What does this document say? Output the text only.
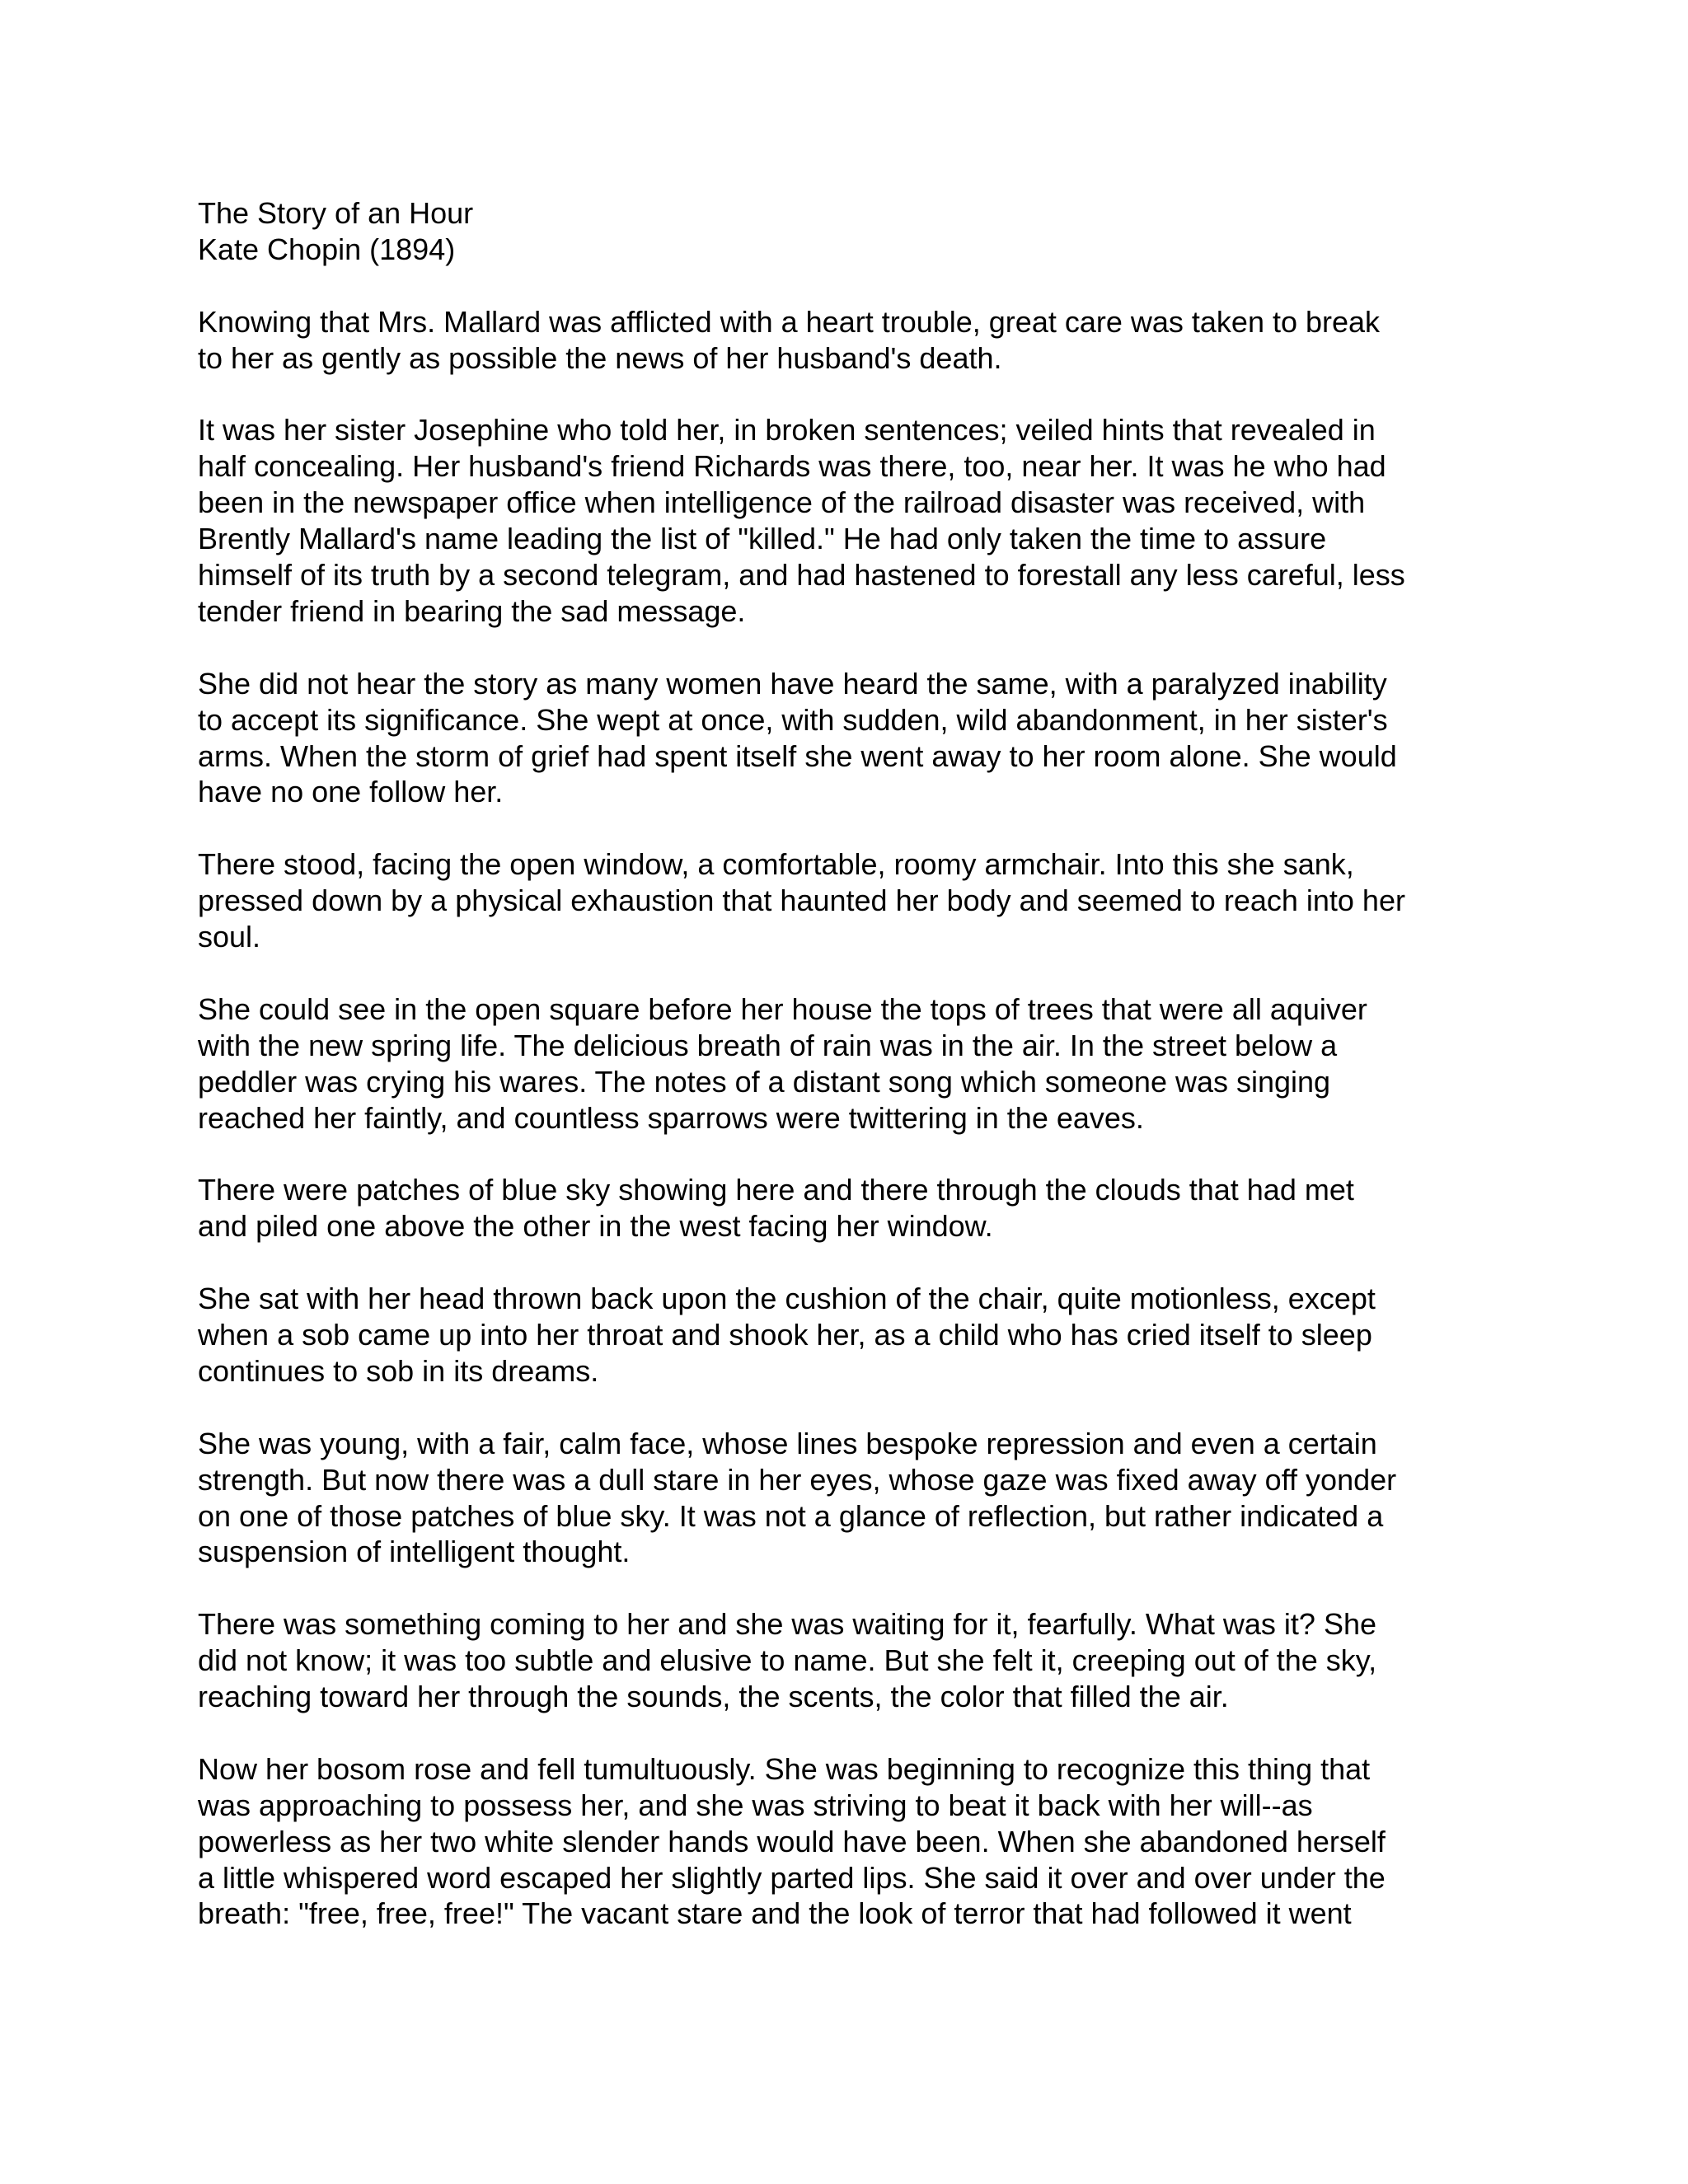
The Story of an Hour
Kate Chopin (1894)

Knowing that Mrs. Mallard was afflicted with a heart trouble, great care was taken to break
to her as gently as possible the news of her husband's death.

It was her sister Josephine who told her, in broken sentences; veiled hints that revealed in
half concealing. Her husband's friend Richards was there, too, near her. It was he who had
been in the newspaper office when intelligence of the railroad disaster was received, with
Brently Mallard's name leading the list of "killed." He had only taken the time to assure
himself of its truth by a second telegram, and had hastened to forestall any less careful, less
tender friend in bearing the sad message.

She did not hear the story as many women have heard the same, with a paralyzed inability
to accept its significance. She wept at once, with sudden, wild abandonment, in her sister's
arms. When the storm of grief had spent itself she went away to her room alone. She would
have no one follow her.

There stood, facing the open window, a comfortable, roomy armchair. Into this she sank,
pressed down by a physical exhaustion that haunted her body and seemed to reach into her
soul.

She could see in the open square before her house the tops of trees that were all aquiver
with the new spring life. The delicious breath of rain was in the air. In the street below a
peddler was crying his wares. The notes of a distant song which someone was singing
reached her faintly, and countless sparrows were twittering in the eaves.

There were patches of blue sky showing here and there through the clouds that had met
and piled one above the other in the west facing her window.

She sat with her head thrown back upon the cushion of the chair, quite motionless, except
when a sob came up into her throat and shook her, as a child who has cried itself to sleep
continues to sob in its dreams.

She was young, with a fair, calm face, whose lines bespoke repression and even a certain
strength. But now there was a dull stare in her eyes, whose gaze was fixed away off yonder
on one of those patches of blue sky. It was not a glance of reflection, but rather indicated a
suspension of intelligent thought.

There was something coming to her and she was waiting for it, fearfully. What was it? She
did not know; it was too subtle and elusive to name. But she felt it, creeping out of the sky,
reaching toward her through the sounds, the scents, the color that filled the air.

Now her bosom rose and fell tumultuously. She was beginning to recognize this thing that
was approaching to possess her, and she was striving to beat it back with her will--as
powerless as her two white slender hands would have been. When she abandoned herself
a little whispered word escaped her slightly parted lips. She said it over and over under the
breath: "free, free, free!" The vacant stare and the look of terror that had followed it went
